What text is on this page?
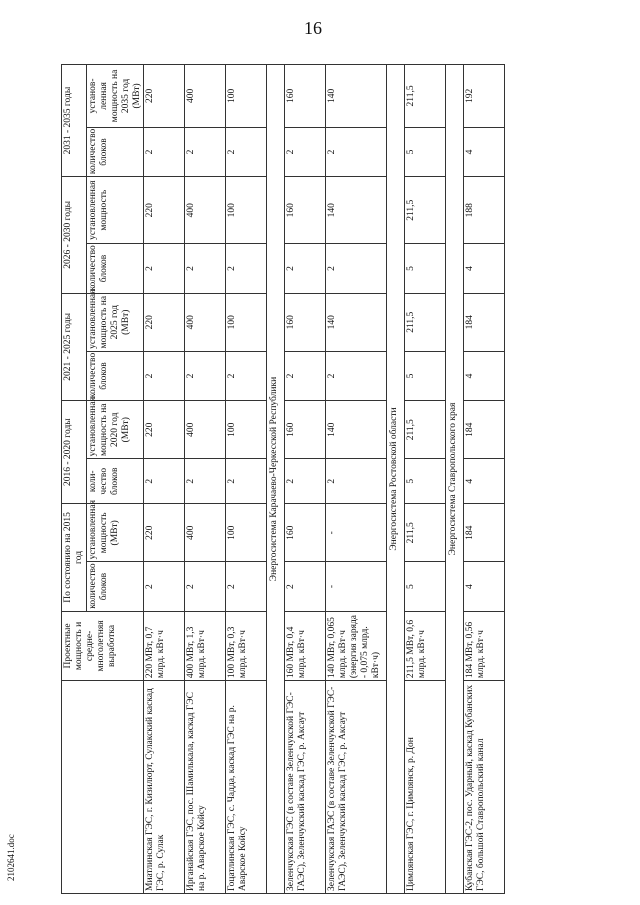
16
	Проектные мощность и средне-многолетняя выработка	По состоянию на 2015 год		2016 - 2020 годы		2021 - 2025 годы		2026 - 2030 годы		2031 - 2035 годы	
		количество блоков	установленная мощность (МВт)	коли-чество блоков	установленная мощность на 2020 год (МВт)	количество блоков	установленная мощность на 2025 год (МВт)	количество блоков	установленная мощность	количество блоков	установ-ленная мощность на 2035 год (МВт)
Миатлинская ГЭС, г. Кизилюрт, Сулакский каскад ГЭС, р. Сулак	220 МВт, 0,7 млрд. кВт·ч	2	220	2	220	2	220	2	220	2	220
Ирганайская ГЭС, пос. Шамилькала, каскад ГЭС на р. Аварское Койсу	400 МВт, 1,3 млрд. кВт·ч	2	400	2	400	2	400	2	400	2	400
Гоцатлинская ГЭС, с. Чадда, каскад ГЭС на р. Аварское Койсу	100 МВт, 0,3 млрд. кВт·ч	2	100	2	100	2	100	2	100	2	100
Энергосистема Карачаево-Черкесской Республики											
Зеленчукская ГЭС (в составе Зеленчукской ГЭС-ГАЭС), Зеленчукский каскад ГЭС, р. Аксаут	160 МВт, 0,4 млрд. кВт·ч	2	160	2	160	2	160	2	160	2	160
Зеленчукская ГАЭС (в составе Зеленчукской ГЭС-ГАЭС), Зеленчукский каскад ГЭС, р. Аксаут	140 МВт, 0,065 млрд. кВт·ч (энергия заряда - 0,075 млрд. кВт·ч)	-	-	2	140	2	140	2	140	2	140
Энергосистема Ростовской области											
Цимлянская ГЭС, г. Цимлянск, р. Дон	211,5 МВт, 0,6 млрд. кВт·ч	5	211,5	5	211,5	5	211,5	5	211,5	5	211,5
Энергосистема Ставропольского края											
Кубанская ГЭС-2, пос. Ударный, каскад Кубанских ГЭС, большой Ставропольский канал	184 МВт, 0,56 млрд. кВт·ч	4	184	4	184	4	184	4	188	4	192
2102641.doc
